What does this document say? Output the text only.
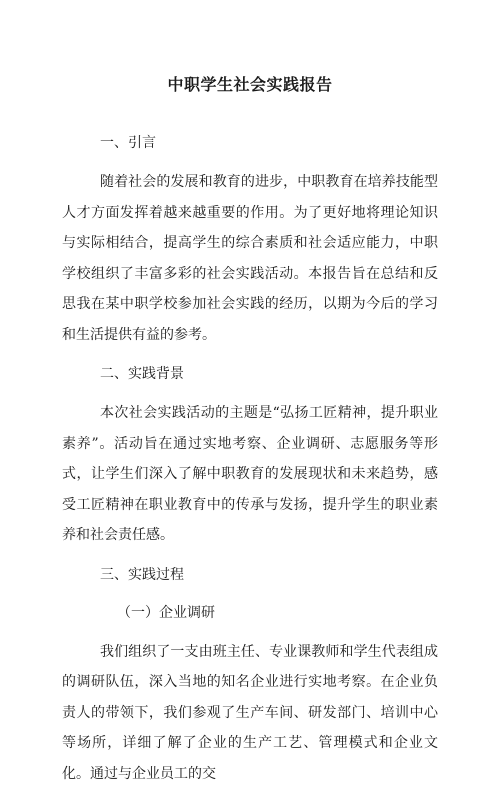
中职学生社会实践报告
一、引言

随着社会的发展和教育的进步，中职教育在培养技能型人才方面发挥着越来越重要的作用。为了更好地将理论知识与实际相结合，提高学生的综合素质和社会适应能力，中职学校组织了丰富多彩的社会实践活动。本报告旨在总结和反思我在某中职学校参加社会实践的经历，以期为今后的学习和生活提供有益的参考。

二、实践背景

本次社会实践活动的主题是“弘扬工匠精神，提升职业素养”。活动旨在通过实地考察、企业调研、志愿服务等形式，让学生们深入了解中职教育的发展现状和未来趋势，感受工匠精神在职业教育中的传承与发扬，提升学生的职业素养和社会责任感。

三、实践过程
（一）企业调研

我们组织了一支由班主任、专业课教师和学生代表组成的调研队伍，深入当地的知名企业进行实地考察。在企业负责人的带领下，我们参观了生产车间、研发部门、培训中心等场所，详细了解了企业的生产工艺、管理模式和企业文化。通过与企业员工的交
